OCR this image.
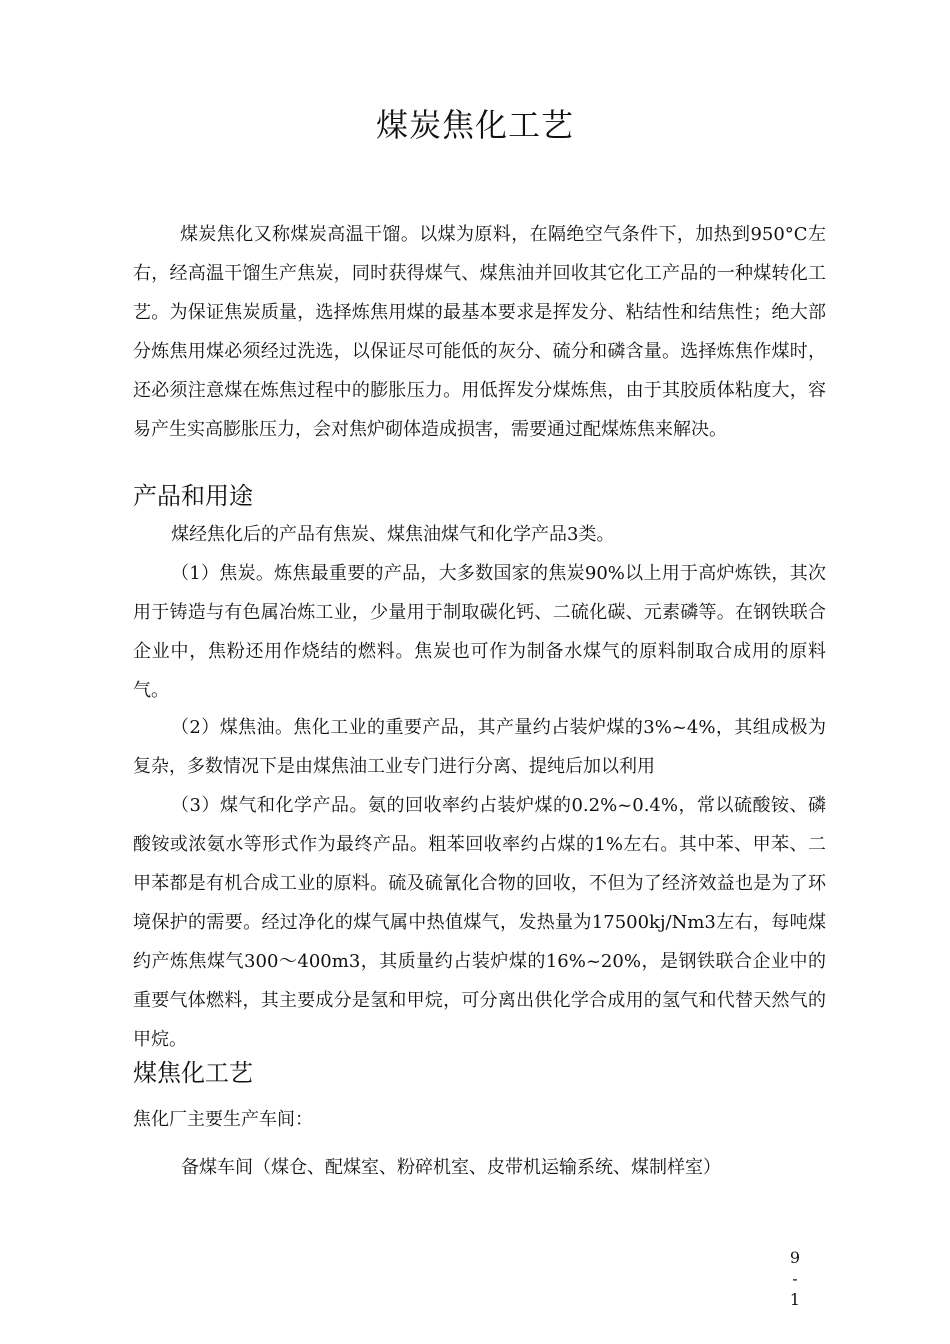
煤炭焦化工艺

煤炭焦化又称煤炭高温干馏。以煤为原料，在隔绝空气条件下，加热到950°C左右，经高温干馏生产焦炭，同时获得煤气、煤焦油并回收其它化工产品的一种煤转化工艺。为保证焦炭质量，选择炼焦用煤的最基本要求是挥发分、粘结性和结焦性；绝大部分炼焦用煤必须经过洗选，以保证尽可能低的灰分、硫分和磷含量。选择炼焦作煤时，还必须注意煤在炼焦过程中的膨胀压力。用低挥发分煤炼焦，由于其胶质体粘度大，容易产生实高膨胀压力，会对焦炉砌体造成损害，需要通过配煤炼焦来解决。

产品和用途

煤经焦化后的产品有焦炭、煤焦油煤气和化学产品3类。

（1）焦炭。炼焦最重要的产品，大多数国家的焦炭90%以上用于高炉炼铁，其次用于铸造与有色属冶炼工业，少量用于制取碳化钙、二硫化碳、元素磷等。在钢铁联合企业中，焦粉还用作烧结的燃料。焦炭也可作为制备水煤气的原料制取合成用的原料气。

（2）煤焦油。焦化工业的重要产品，其产量约占装炉煤的3%~4%，其组成极为复杂，多数情况下是由煤焦油工业专门进行分离、提纯后加以利用

（3）煤气和化学产品。氨的回收率约占装炉煤的0.2%~0.4%，常以硫酸铵、磷酸铵或浓氨水等形式作为最终产品。粗苯回收率约占煤的1%左右。其中苯、甲苯、二甲苯都是有机合成工业的原料。硫及硫氰化合物的回收，不但为了经济效益也是为了环境保护的需要。经过净化的煤气属中热值煤气，发热量为17500kj/Nm3左右，每吨煤约产炼焦煤气300〜400m3，其质量约占装炉煤的16%~20%，是钢铁联合企业中的重要气体燃料，其主要成分是氢和甲烷，可分离出供化学合成用的氢气和代替天然气的甲烷。

煤焦化工艺

焦化厂主要生产车间：

备煤车间（煤仓、配煤室、粉碎机室、皮带机运输系统、煤制样室）

9
-
1
